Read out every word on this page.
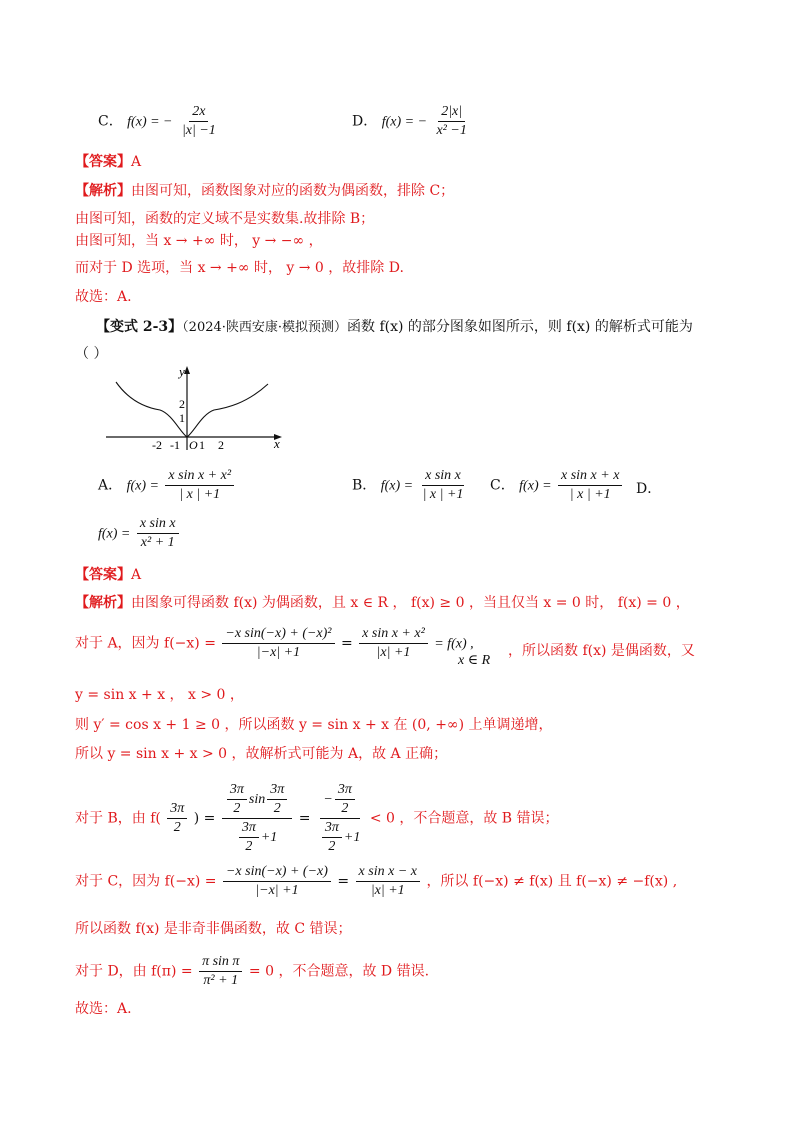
C． f(x) = − $\frac{2x}{|x| -1}$	D． f(x) = − $\frac{2|x|}{\text{x² −1}}$
【答案】A
【解析】由图可知，函数图象对应的函数为偶函数，排除 C；
由图可知，函数的定义域不是实数集.故排除 B；
由图可知，当 x → +∞ 时， y → −∞ ，
而对于 D 选项，当 x → +∞ 时， y → 0 ，故排除 D.
故选：A.
【变式 2-3】（2024·陕西安康·模拟预测）函数 f(x) 的部分图象如图所示，则 f(x) 的解析式可能为
（ ）
y
x
O
-2 -1 1 2
2
1
A． $f(x) = \frac{\text{x sin x + x²}}{| x | +1}$	B． $f(x) = \frac{\text{x sin x}}{| x | +1}$ C． $f(x) = \frac{\text{x sin x + x}}{| x | +1}$ D．
$f(x) = \frac{\text{x sin x}}{\text{x² + 1}}$
【答案】A
【解析】由图象可得函数 f(x) 为偶函数，且 x ∈ R ， f(x) ≥ 0 ，当且仅当 x = 0 时， f(x) = 0 ，
对于 A，因为 $f(-x) = \frac{\text{−x sin(−x) + (−x)²}}{|-x| +1} = \frac{\text{x sin x + x²}}{|x| +1} = f(x)$ ,
x ∈ R
，所以函数 f(x) 是偶函数，又
y = sin x + x ， x > 0 ，
则 y′ = cos x + 1 ≥ 0 ，所以函数 y = sin x + x 在 (0, +∞) 上单调递增，
所以 y = sin x + x > 0 ，故解析式可能为 A，故 A 正确；
对于 B，由 $f( \frac{3\pi}{2}$ ) = $\frac{\frac{3\pi}{2} \sin \frac{3\pi}{2}}{\frac{3\pi}{2} +1} = \frac{- \frac{3\pi}{2}}{\frac{3\pi}{2} +1} < 0$ ，不合题意，故 B 错误；
对于 C，因为 $f(-x) = \frac{\text{−x sin(−x) + (−x)}}{|-x| +1} = \frac{\text{x sin x − x}}{|x| +1}$ ，所以 f(−x) ≠ f(x) 且 f(−x) ≠ −f(x) ,
所以函数 f(x) 是非奇非偶函数，故 C 错误；
对于 D，由 $f(\pi) = \frac{\text{π sin π}}{\text{π² + 1}} = 0$ ，不合题意，故 D 错误.
故选：A.
